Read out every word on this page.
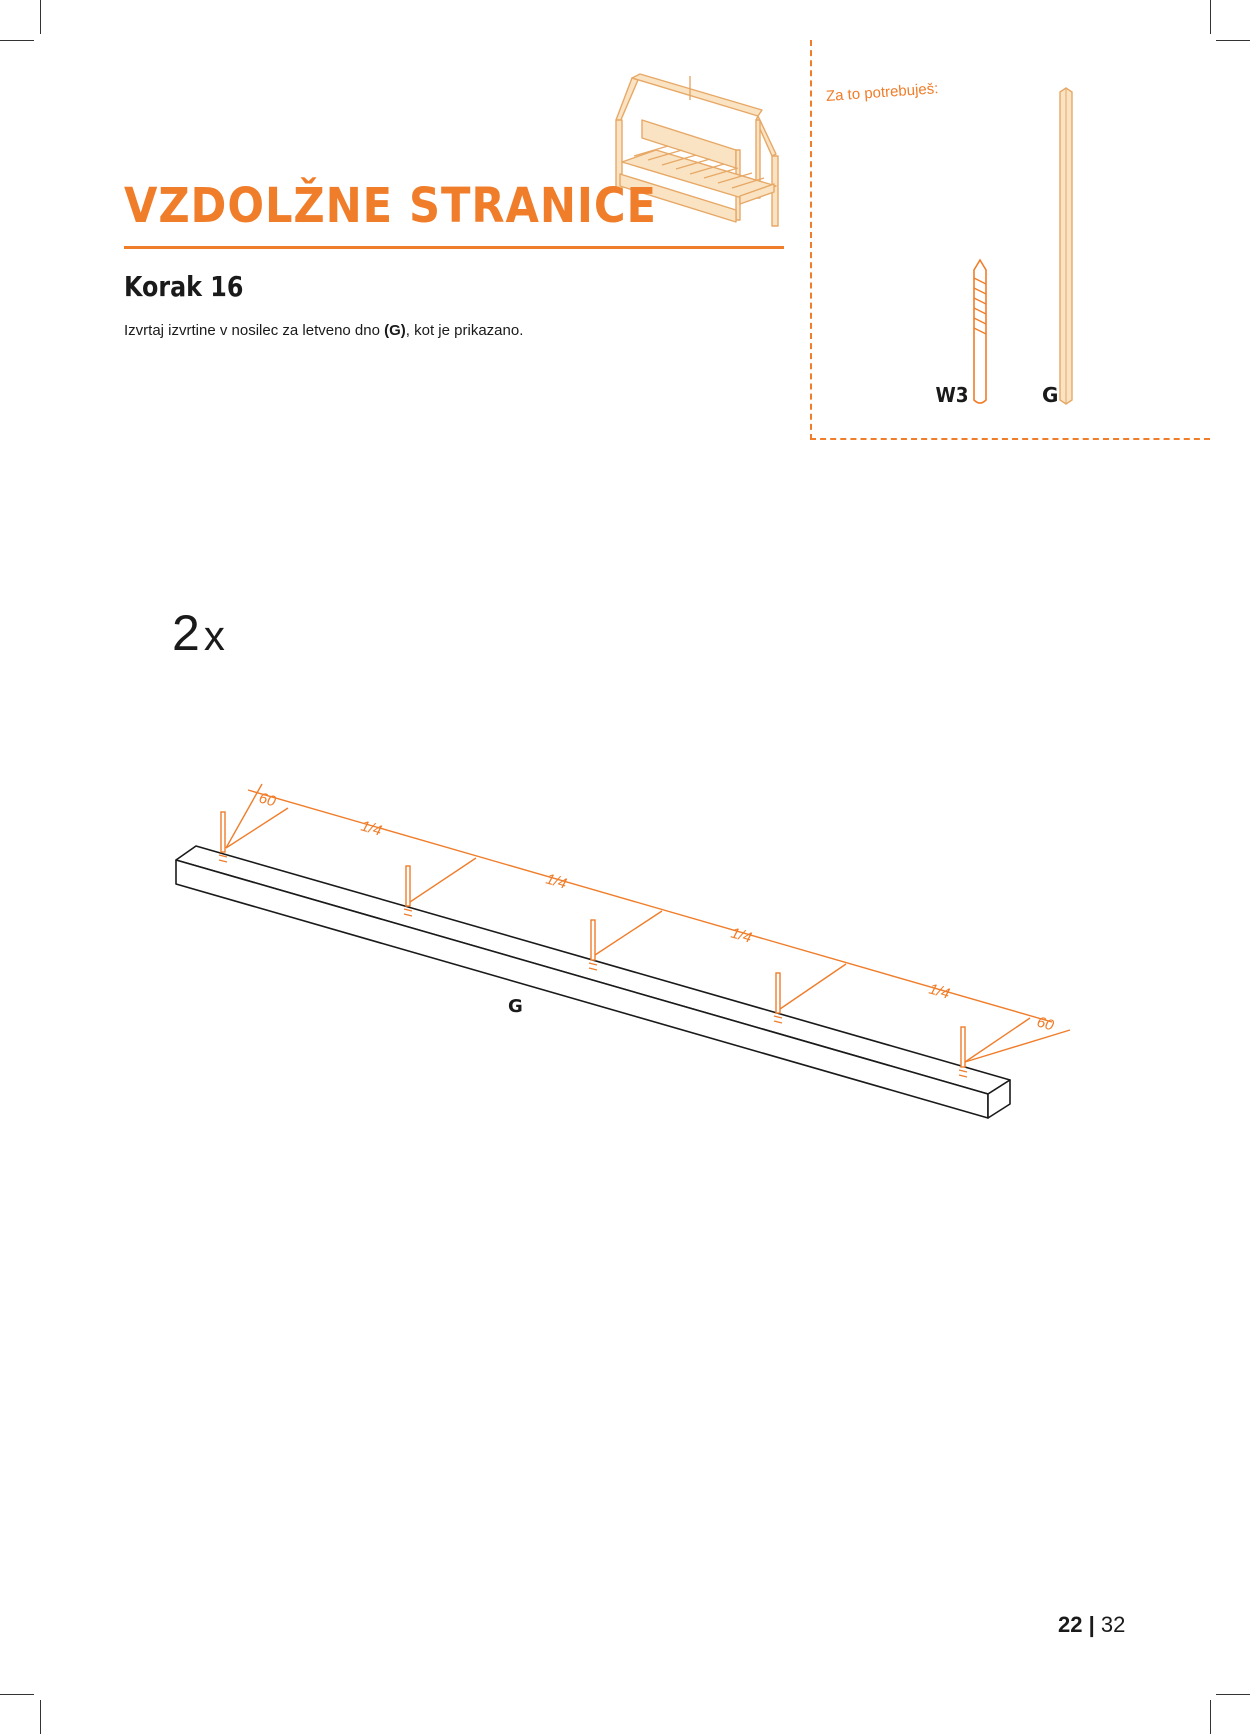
VZDOLŽNE STRANICE
Korak 16
Izvrtaj izvrtine v nosilec za letveno dno (G), kot je prikazano.
Za to potrebuješ:
W3	G
2x
60
1/4
1/4
1/4
1/4
60
G
22 | 32
